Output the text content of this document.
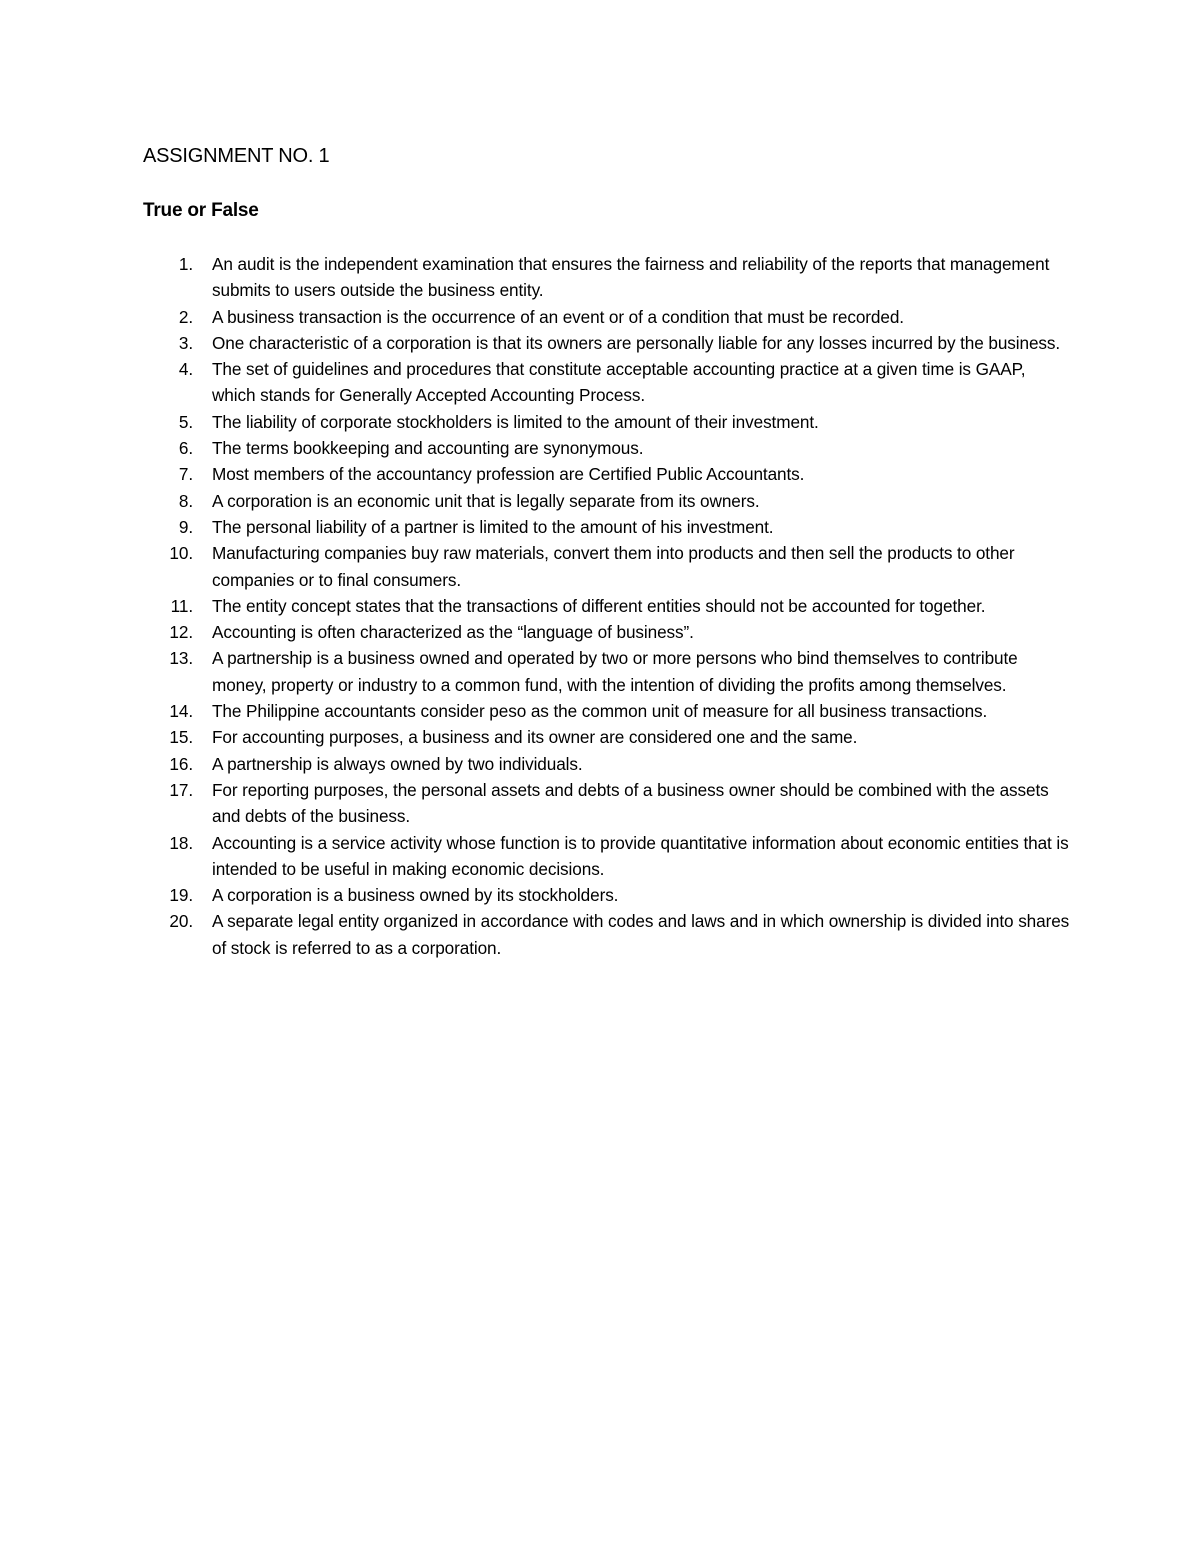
ASSIGNMENT NO. 1
True or False
1. An audit is the independent examination that ensures the fairness and reliability of the reports that management submits to users outside the business entity.
2. A business transaction is the occurrence of an event or of a condition that must be recorded.
3. One characteristic of a corporation is that its owners are personally liable for any losses incurred by the business.
4. The set of guidelines and procedures that constitute acceptable accounting practice at a given time is GAAP, which stands for Generally Accepted Accounting Process.
5. The liability of corporate stockholders is limited to the amount of their investment.
6. The terms bookkeeping and accounting are synonymous.
7. Most members of the accountancy profession are Certified Public Accountants.
8. A corporation is an economic unit that is legally separate from its owners.
9. The personal liability of a partner is limited to the amount of his investment.
10. Manufacturing companies buy raw materials, convert them into products and then sell the products to other companies or to final consumers.
11. The entity concept states that the transactions of different entities should not be accounted for together.
12. Accounting is often characterized as the “language of business”.
13. A partnership is a business owned and operated by two or more persons who bind themselves to contribute money, property or industry to a common fund, with the intention of dividing the profits among themselves.
14. The Philippine accountants consider peso as the common unit of measure for all business transactions.
15. For accounting purposes, a business and its owner are considered one and the same.
16. A partnership is always owned by two individuals.
17. For reporting purposes, the personal assets and debts of a business owner should be combined with the assets and debts of the business.
18. Accounting is a service activity whose function is to provide quantitative information about economic entities that is intended to be useful in making economic decisions.
19. A corporation is a business owned by its stockholders.
20. A separate legal entity organized in accordance with codes and laws and in which ownership is divided into shares of stock is referred to as a corporation.
